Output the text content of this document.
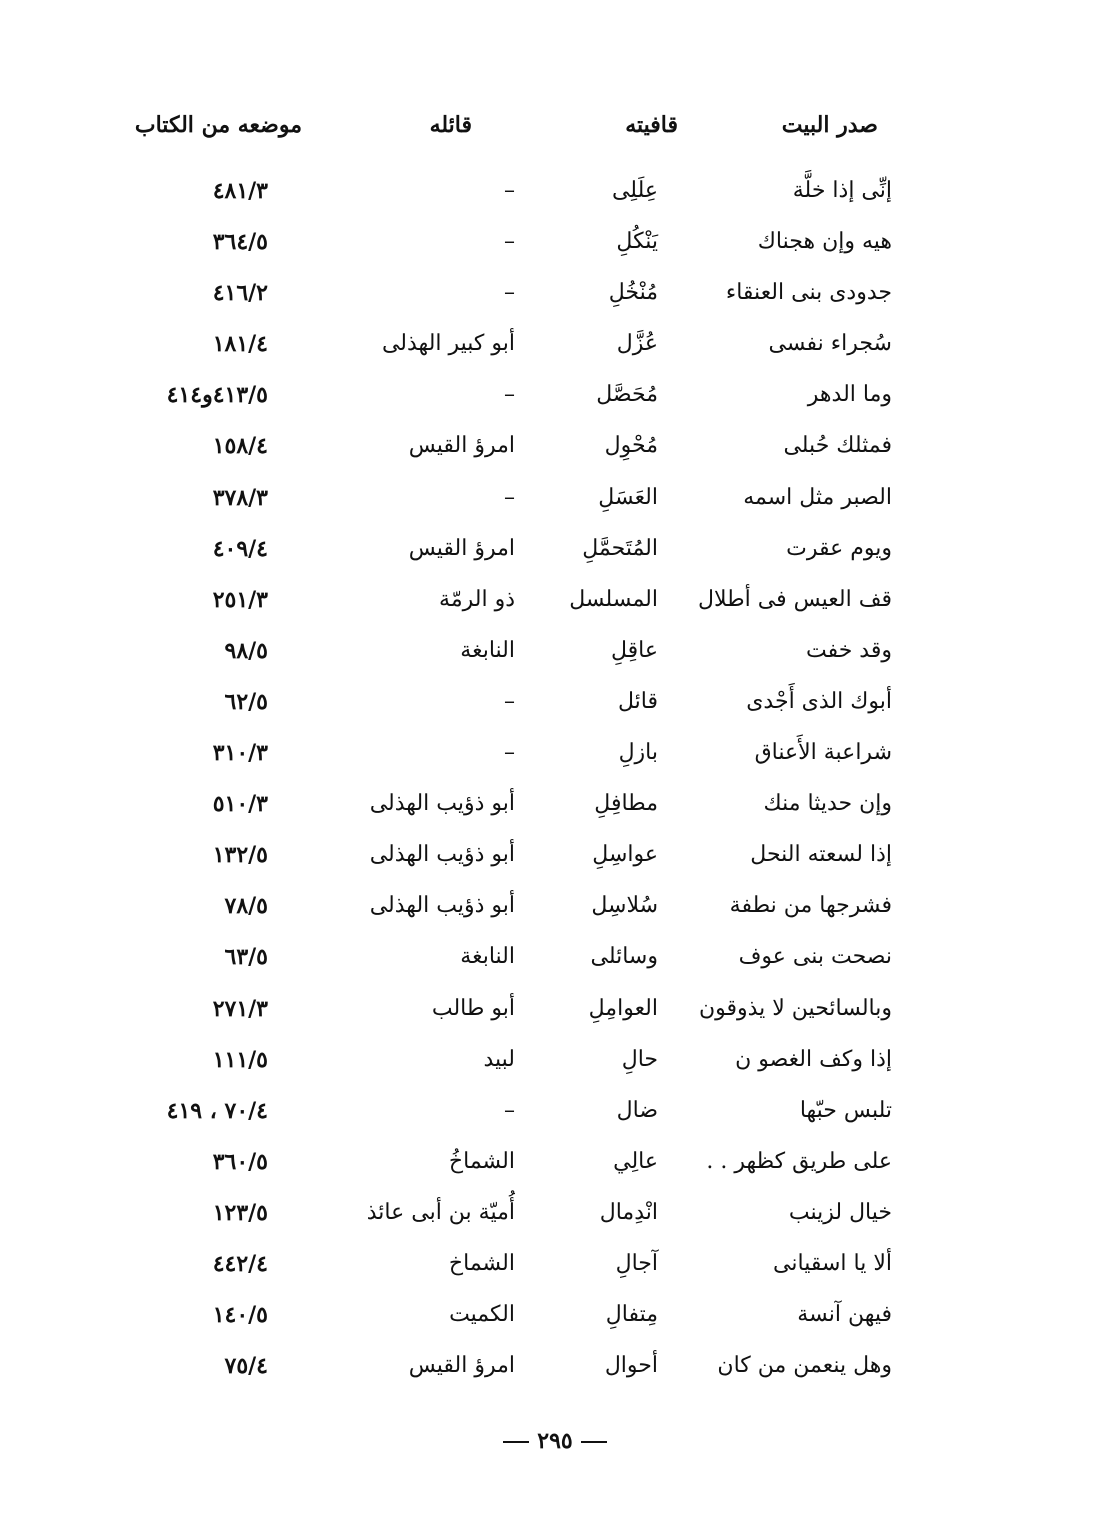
صدر البيت
قافيته
قائله
موضعه من الكتاب
إنِّى إذا خلَّة
عِلَلِى
–
٤٨١/٣
هيه وإن هجناك
يَنْكُلِ
–
٣٦٤/٥
جدودى بنى العنقاء
مُنْخُلِ
–
٤١٦/٢
سُجراء نفسى
عُزَّل
أبو كبير الهذلى
١٨١/٤
وما الدهر
مُحَصَّل
–
٤١٣/٥و٤١٤
فمثلك حُبلى
مُحْوِل
امرؤ القيس
١٥٨/٤
الصبر مثل اسمه
العَسَلِ
–
٣٧٨/٣
ويوم عقرت
المُتَحمَّلِ
امرؤ القيس
٤٠٩/٤
قف العيس فى أطلال
المسلسل
ذو الرمّة
٢٥١/٣
وقد خفت
عاقِلِ
النابغة
٩٨/٥
أبوك الذى أَجْدى
قائل
–
٦٢/٥
شراعبة الأَعناق
بازلِ
–
٣١٠/٣
وإن حديثا منك
مطافِلِ
أبو ذؤيب الهذلى
٥١٠/٣
إذا لسعته النحل
عواسِلِ
أبو ذؤيب الهذلى
١٣٢/٥
فشرجها من نطفة
سُلاسِل
أبو ذؤيب الهذلى
٧٨/٥
نصحت بنى عوف
وسائلى
النابغة
٦٣/٥
وبالسائحين لا يذوقون
العوامِلِ
أبو طالب
٢٧١/٣
إذا وكف الغصو ن
حالِ
لبيد
١١١/٥
تلبس حبّها
ضال
–
٧٠/٤ ، ٤١٩
على طريق كظهر . .
عالِي
الشماخُ
٣٦٠/٥
خيال لزينب
انْدِمال
أُميّة بن أبى عائذ
١٢٣/٥
ألا يا اسقيانى
آجالِ
الشماخ
٤٤٢/٤
فيهن آنسة
مِتفالِ
الكميت
١٤٠/٥
وهل ينعمن من كان
أحوال
امرؤ القيس
٧٥/٤
٢٩٥
